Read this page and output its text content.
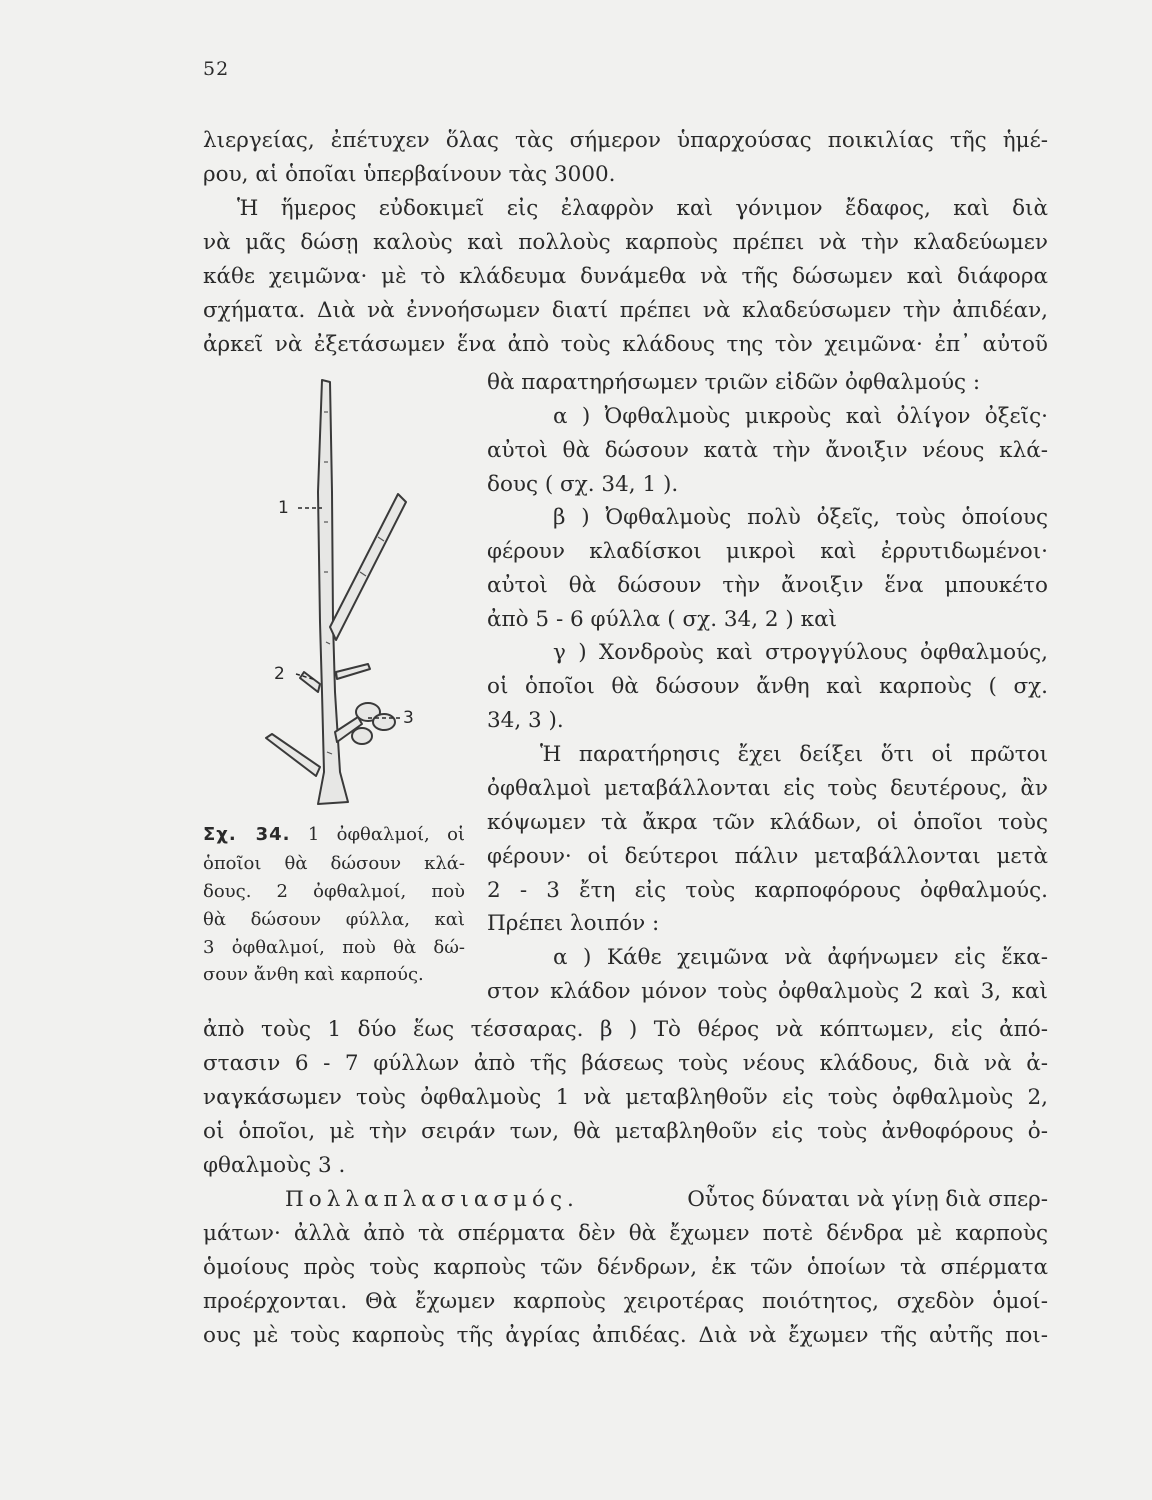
52
λιεργείας, ἐπέτυχεν ὅλας τὰς σήμερον ὑπαρχούσας ποικιλίας τῆς ἡμέ-
ρου, αἱ ὁποῖαι ὑπερβαίνουν τὰς 3000.
Ἡ ἥμερος εὐδοκιμεῖ εἰς ἐλαφρὸν καὶ γόνιμον ἔδαφος, καὶ διὰ
νὰ μᾶς δώσῃ καλοὺς καὶ πολλοὺς καρποὺς πρέπει νὰ τὴν κλαδεύωμεν
κάθε χειμῶνα· μὲ τὸ κλάδευμα δυνάμεθα νὰ τῆς δώσωμεν καὶ διάφορα
σχήματα. Διὰ νὰ ἐννοήσωμεν διατί πρέπει νὰ κλαδεύσωμεν τὴν ἀπιδέαν,
ἀρκεῖ νὰ ἐξετάσωμεν ἕνα ἀπὸ τοὺς κλάδους της τὸν χειμῶνα· ἐπ᾽ αὐτοῦ
θὰ παρατηρήσωμεν τριῶν εἰδῶν ὀφθαλμούς :
α ) Ὀφθαλμοὺς μικροὺς καὶ ὀλίγον ὀξεῖς·
αὐτοὶ θὰ δώσουν κατὰ τὴν ἄνοιξιν νέους κλά-
δους ( σχ. 34, 1 ).
β ) Ὀφθαλμοὺς πολὺ ὀξεῖς, τοὺς ὁποίους
φέρουν κλαδίσκοι μικροὶ καὶ ἐρρυτιδωμένοι·
αὐτοὶ θὰ δώσουν τὴν ἄνοιξιν ἕνα μπουκέτο
ἀπὸ 5 - 6 φύλλα ( σχ. 34, 2 ) καὶ
γ ) Χονδροὺς καὶ στρογγύλους ὀφθαλμούς,
οἱ ὁποῖοι θὰ δώσουν ἄνθη καὶ καρποὺς ( σχ.
34, 3 ).
Ἡ παρατήρησις ἔχει δείξει ὅτι οἱ πρῶτοι
ὀφθαλμοὶ μεταβάλλονται εἰς τοὺς δευτέρους, ἂν
κόψωμεν τὰ ἄκρα τῶν κλάδων, οἱ ὁποῖοι τοὺς
φέρουν· οἱ δεύτεροι πάλιν μεταβάλλονται μετὰ
2 - 3 ἔτη εἰς τοὺς καρποφόρους ὀφθαλμούς.
Πρέπει λοιπόν :
α ) Κάθε χειμῶνα νὰ ἀφήνωμεν εἰς ἕκα-
στον κλάδον μόνον τοὺς ὀφθαλμοὺς 2 καὶ 3, καὶ
1
2
3
Σχ. 34. 1 ὀφθαλμοί, οἱ
ὁποῖοι θὰ δώσουν κλά-
δους. 2 ὀφθαλμοί, ποὺ
θὰ δώσουν φύλλα, καὶ
3 ὀφθαλμοί, ποὺ θὰ δώ-
σουν ἄνθη καὶ καρπούς.
ἀπὸ τοὺς 1 δύο ἕως τέσσαρας. β ) Τὸ θέρος νὰ κόπτωμεν, εἰς ἀπό-
στασιν 6 - 7 φύλλων ἀπὸ τῆς βάσεως τοὺς νέους κλάδους, διὰ νὰ ἀ-
ναγκάσωμεν τοὺς ὀφθαλμοὺς 1 νὰ μεταβληθοῦν εἰς τοὺς ὀφθαλμοὺς 2,
οἱ ὁποῖοι, μὲ τὴν σειράν των, θὰ μεταβληθοῦν εἰς τοὺς ἀνθοφόρους ὀ-
φθαλμοὺς 3 .
Πολλαπλασιασμός.	Οὗτος δύναται νὰ γίνῃ διὰ σπερ-
μάτων· ἀλλὰ ἀπὸ τὰ σπέρματα δὲν θὰ ἔχωμεν ποτὲ δένδρα μὲ καρποὺς
ὁμοίους πρὸς τοὺς καρποὺς τῶν δένδρων, ἐκ τῶν ὁποίων τὰ σπέρματα
προέρχονται. Θὰ ἔχωμεν καρποὺς χειροτέρας ποιότητος, σχεδὸν ὁμοί-
ους μὲ τοὺς καρποὺς τῆς ἀγρίας ἀπιδέας. Διὰ νὰ ἔχωμεν τῆς αὐτῆς ποι-
